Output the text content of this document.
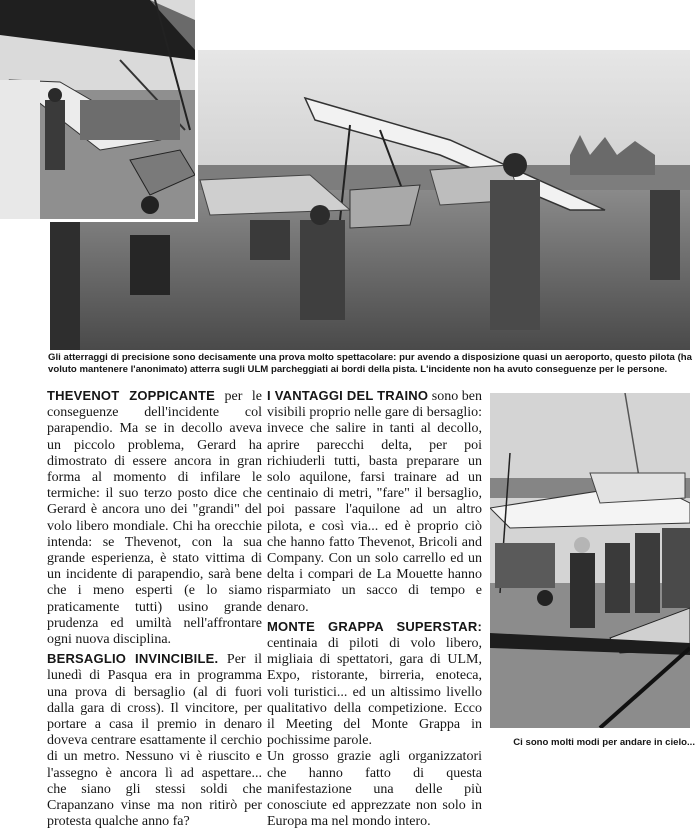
Gli atterraggi di precisione sono decisamente una prova molto spettacolare: pur avendo a disposizione quasi un aeroporto, questo pilota (ha voluto mantenere l'anonimato) atterra sugli ULM parcheggiati ai bordi della pista. L'incidente non ha avuto conseguenze per le persone.

THEVENOT ZOPPICANTE per le conseguenze dell'incidente col parapendio. Ma se in decollo aveva un piccolo problema, Gerard ha dimostrato di essere ancora in gran forma al momento di infilare le termiche: il suo terzo posto dice che Gerard è ancora uno dei "grandi" del volo libero mondiale. Chi ha orecchie intenda: se Thevenot, con la sua grande esperienza, è stato vittima di un incidente di parapendio, sarà bene che i meno esperti (e lo siamo praticamente tutti) usino grande prudenza ed umiltà nell'affrontare ogni nuova disciplina.

BERSAGLIO INVINCIBILE. Per il lunedì di Pasqua era in programma una prova di bersaglio (al di fuori dalla gara di cross). Il vincitore, per portare a casa il premio in denaro doveva centrare esattamente il cerchio di un metro. Nessuno vi è riuscito e l'assegno è ancora lì ad aspettare... che siano gli stessi soldi che Crapanzano vinse ma non ritirò per protesta qualche anno fa?

I VANTAGGI DEL TRAINO sono ben visibili proprio nelle gare di bersaglio: invece che salire in tanti al decollo, aprire parecchi delta, per poi richiuderli tutti, basta preparare un solo aquilone, farsi trainare ad un centinaio di metri, "fare" il bersaglio, poi passare l'aquilone ad un altro pilota, e così via... ed è proprio ciò che hanno fatto Thevenot, Bricoli and Company. Con un solo carrello ed un delta i compari de La Mouette hanno risparmiato un sacco di tempo e denaro.

MONTE GRAPPA SUPERSTAR: centinaia di piloti di volo libero, migliaia di spettatori, gara di ULM, Expo, ristorante, birreria, enoteca, voli turistici... ed un altissimo livello qualitativo della competizione. Ecco il Meeting del Monte Grappa in pochissime parole.

Un grosso grazie agli organizzatori che hanno fatto di questa manifestazione una delle più conosciute ed apprezzate non solo in Europa ma nel mondo intero.

Ci sono molti modi per andare in cielo...
